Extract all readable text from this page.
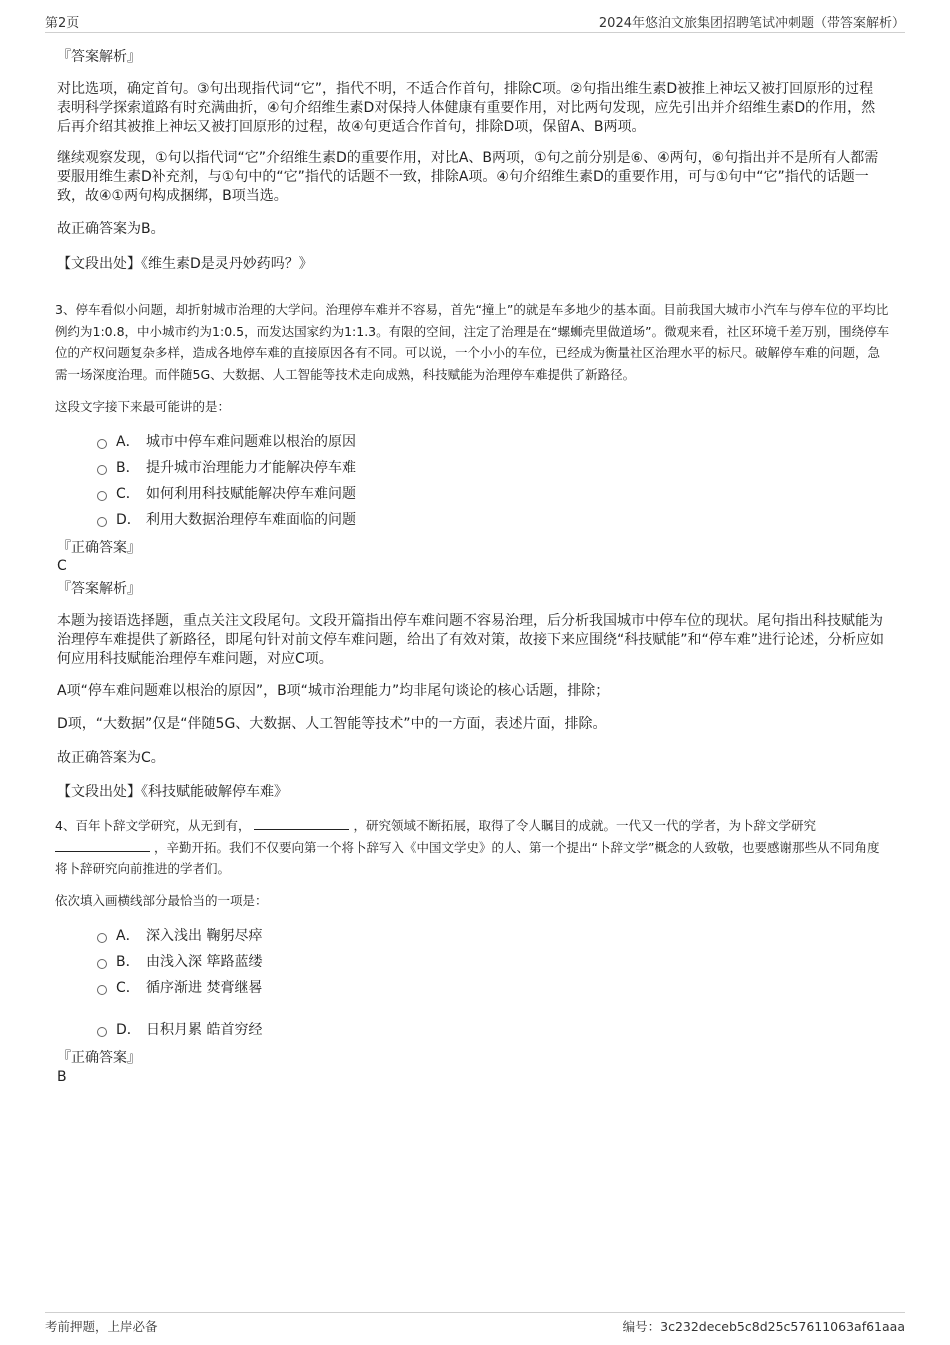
第2页	2024年悠泊文旅集团招聘笔试冲刺题（带答案解析）
『答案解析』
对比选项，确定首句。③句出现指代词“它”，指代不明，不适合作首句，排除C项。②句指出维生素D被推上神坛又被打回原形的过程表明科学探索道路有时充满曲折，④句介绍维生素D对保持人体健康有重要作用，对比两句发现，应先引出并介绍维生素D的作用，然后再介绍其被推上神坛又被打回原形的过程，故④句更适合作首句，排除D项，保留A、B两项。
继续观察发现，①句以指代词“它”介绍维生素D的重要作用，对比A、B两项，①句之前分别是⑥、④两句，⑥句指出并不是所有人都需要服用维生素D补充剂，与①句中的“它”指代的话题不一致，排除A项。④句介绍维生素D的重要作用，可与①句中“它”指代的话题一致，故④①两句构成捆绑，B项当选。
故正确答案为B。
【文段出处】《维生素D是灵丹妙药吗？》
3、停车看似小问题，却折射城市治理的大学问。治理停车难并不容易，首先“撞上”的就是车多地少的基本面。目前我国大城市小汽车与停车位的平均比例约为1:0.8，中小城市约为1:0.5，而发达国家约为1:1.3。有限的空间，注定了治理是在“螺蛳壳里做道场”。微观来看，社区环境千差万别，围绕停车位的产权问题复杂多样，造成各地停车难的直接原因各有不同。可以说，一个小小的车位，已经成为衡量社区治理水平的标尺。破解停车难的问题，急需一场深度治理。而伴随5G、大数据、人工智能等技术走向成熟，科技赋能为治理停车难提供了新路径。
这段文字接下来最可能讲的是：
A． 城市中停车难问题难以根治的原因
B． 提升城市治理能力才能解决停车难
C． 如何利用科技赋能解决停车难问题
D． 利用大数据治理停车难面临的问题
『正确答案』
C
『答案解析』
本题为接语选择题，重点关注文段尾句。文段开篇指出停车难问题不容易治理，后分析我国城市中停车位的现状。尾句指出科技赋能为治理停车难提供了新路径，即尾句针对前文停车难问题，给出了有效对策，故接下来应围绕“科技赋能”和“停车难”进行论述，分析应如何应用科技赋能治理停车难问题，对应C项。
A项“停车难问题难以根治的原因”，B项“城市治理能力”均非尾句谈论的核心话题，排除；
D项，“大数据”仅是“伴随5G、大数据、人工智能等技术”中的一方面，表述片面，排除。
故正确答案为C。
【文段出处】《科技赋能破解停车难》
4、百年卜辞文学研究，从无到有，	，研究领域不断拓展，取得了令人瞩目的成就。一代又一代的学者，为卜辞文学研究
，辛勤开拓。我们不仅要向第一个将卜辞写入《中国文学史》的人、第一个提出“卜辞文学”概念的人致敬，也要感谢那些从不同角度将卜辞研究向前推进的学者们。
依次填入画横线部分最恰当的一项是：
A． 深入浅出 鞠躬尽瘁
B． 由浅入深 筚路蓝缕
C． 循序渐进 焚膏继晷
D． 日积月累 皓首穷经
『正确答案』
B
考前押题，上岸必备	编号：3c232deceb5c8d25c57611063af61aaa
